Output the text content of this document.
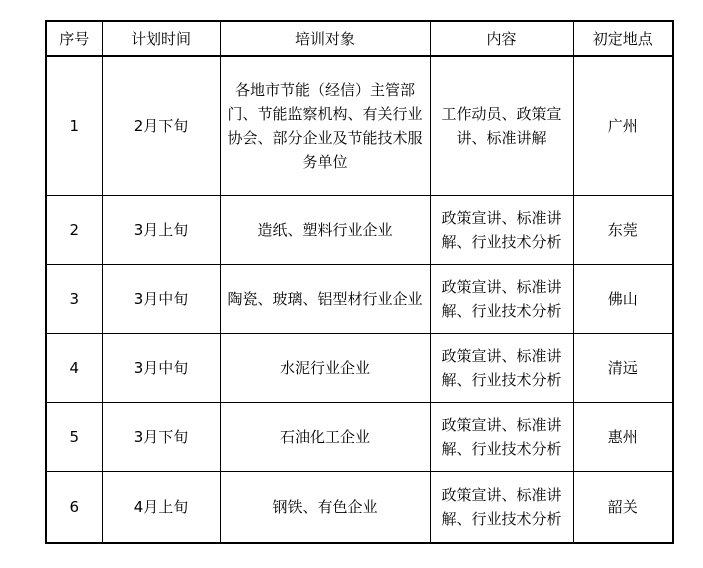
序号	计划时间	培训对象	内容	初定地点
1	2月下旬	各地市节能（经信）主管部门、节能监察机构、有关行业协会、部分企业及节能技术服务单位	工作动员、政策宣讲、标准讲解	广州
2	3月上旬	造纸、塑料行业企业	政策宣讲、标准讲解、行业技术分析	东莞
3	3月中旬	陶瓷、玻璃、铝型材行业企业	政策宣讲、标准讲解、行业技术分析	佛山
4	3月中旬	水泥行业企业	政策宣讲、标准讲解、行业技术分析	清远
5	3月下旬	石油化工企业	政策宣讲、标准讲解、行业技术分析	惠州
6	4月上旬	钢铁、有色企业	政策宣讲、标准讲解、行业技术分析	韶关
